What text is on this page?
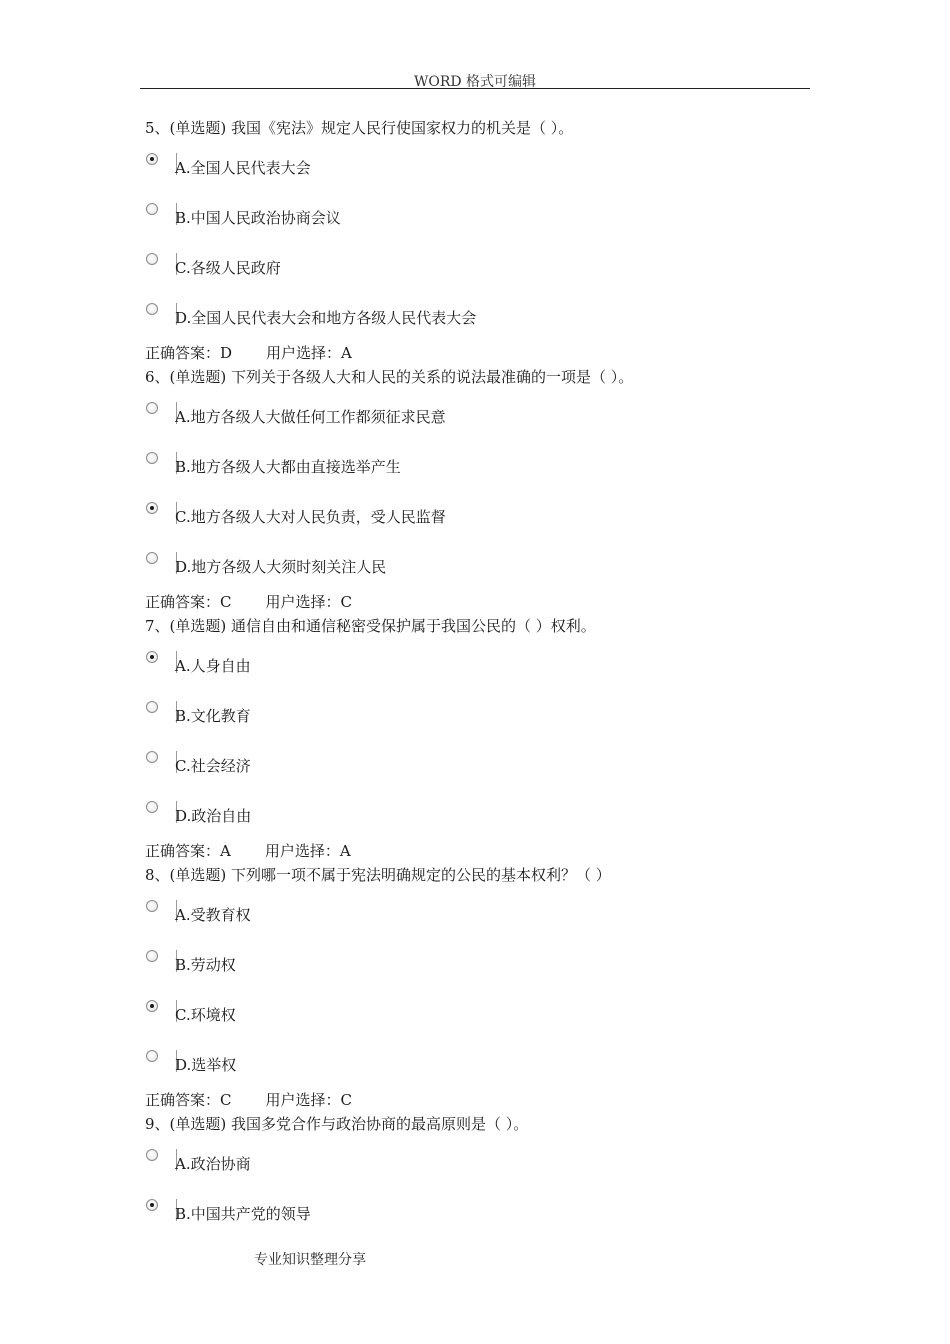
WORD 格式可编辑
5、(单选题) 我国《宪法》规定人民行使国家权力的机关是（ ）。
A.全国人民代表大会
B.中国人民政治协商会议
C.各级人民政府
D.全国人民代表大会和地方各级人民代表大会
正确答案：D 用户选择：A
6、(单选题) 下列关于各级人大和人民的关系的说法最准确的一项是（ ）。
A.地方各级人大做任何工作都须征求民意
B.地方各级人大都由直接选举产生
C.地方各级人大对人民负责，受人民监督
D.地方各级人大须时刻关注人民
正确答案：C 用户选择：C
7、(单选题) 通信自由和通信秘密受保护属于我国公民的（ ）权利。
A.人身自由
B.文化教育
C.社会经济
D.政治自由
正确答案：A 用户选择：A
8、(单选题) 下列哪一项不属于宪法明确规定的公民的基本权利？（ ）
A.受教育权
B.劳动权
C.环境权
D.选举权
正确答案：C 用户选择：C
9、(单选题) 我国多党合作与政治协商的最高原则是（ ）。
A.政治协商
B.中国共产党的领导
专业知识整理分享
